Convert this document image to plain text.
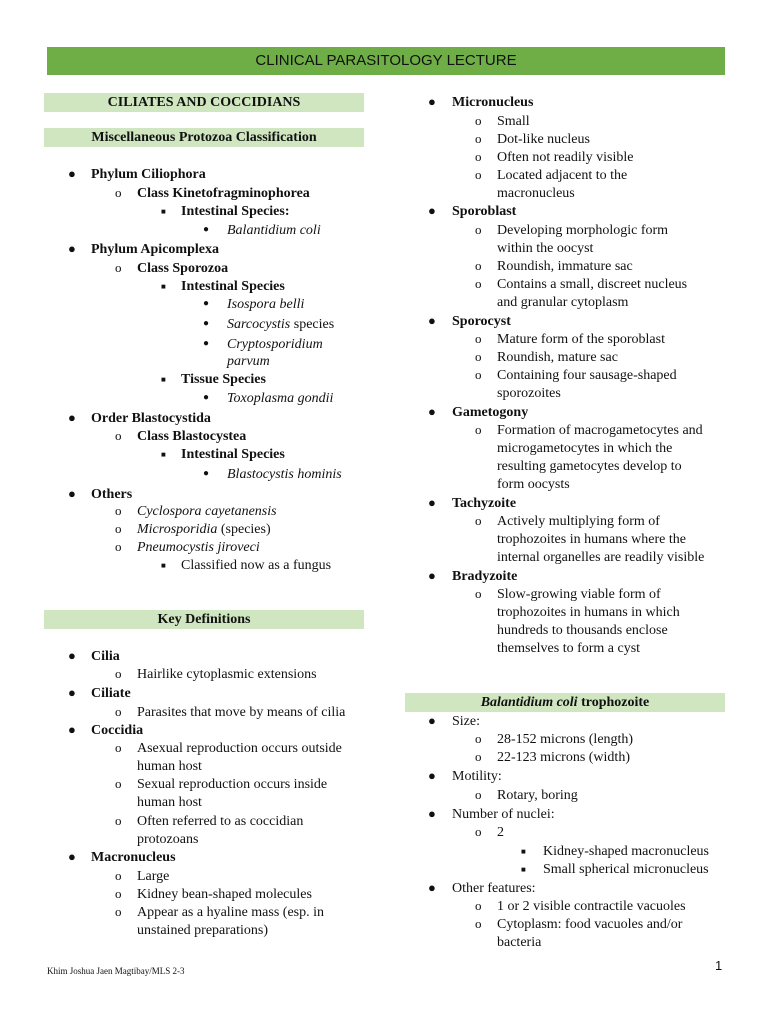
CLINICAL PARASITOLOGY LECTURE
CILIATES AND COCCIDIANS
Miscellaneous Protozoa Classification
● Phylum Ciliophora
o Class Kinetofragminophorea
■ Intestinal Species:
● Balantidium coli
● Phylum Apicomplexa
o Class Sporozoa
■ Intestinal Species
● Isospora belli
● Sarcocystis species
● Cryptosporidium
parvum
■ Tissue Species
● Toxoplasma gondii
● Order Blastocystida
o Class Blastocystea
■ Intestinal Species
● Blastocystis hominis
● Others
o Cyclospora cayetanensis
o Microsporidia (species)
o Pneumocystis jiroveci
■ Classified now as a fungus
Key Definitions
● Cilia
o Hairlike cytoplasmic extensions
● Ciliate
o Parasites that move by means of cilia
● Coccidia
o Asexual reproduction occurs outside
human host
o Sexual reproduction occurs inside
human host
o Often referred to as coccidian
protozoans
● Macronucleus
o Large
o Kidney bean-shaped molecules
o Appear as a hyaline mass (esp. in
unstained preparations)
● Micronucleus
o Small
o Dot-like nucleus
o Often not readily visible
o Located adjacent to the
macronucleus
● Sporoblast
o Developing morphologic form
within the oocyst
o Roundish, immature sac
o Contains a small, discreet nucleus
and granular cytoplasm
● Sporocyst
o Mature form of the sporoblast
o Roundish, mature sac
o Containing four sausage-shaped
sporozoites
● Gametogony
o Formation of macrogametocytes and
microgametocytes in which the
resulting gametocytes develop to
form oocysts
● Tachyzoite
o Actively multiplying form of
trophozoites in humans where the
internal organelles are readily visible
● Bradyzoite
o Slow-growing viable form of
trophozoites in humans in which
hundreds to thousands enclose
themselves to form a cyst
Balantidium coli trophozoite
● Size:
o 28-152 microns (length)
o 22-123 microns (width)
● Motility:
o Rotary, boring
● Number of nuclei:
o 2
■ Kidney-shaped macronucleus
■ Small spherical micronucleus
● Other features:
o 1 or 2 visible contractile vacuoles
o Cytoplasm: food vacuoles and/or
bacteria
Khim Joshua Jaen Magtibay/MLS 2-3	1
